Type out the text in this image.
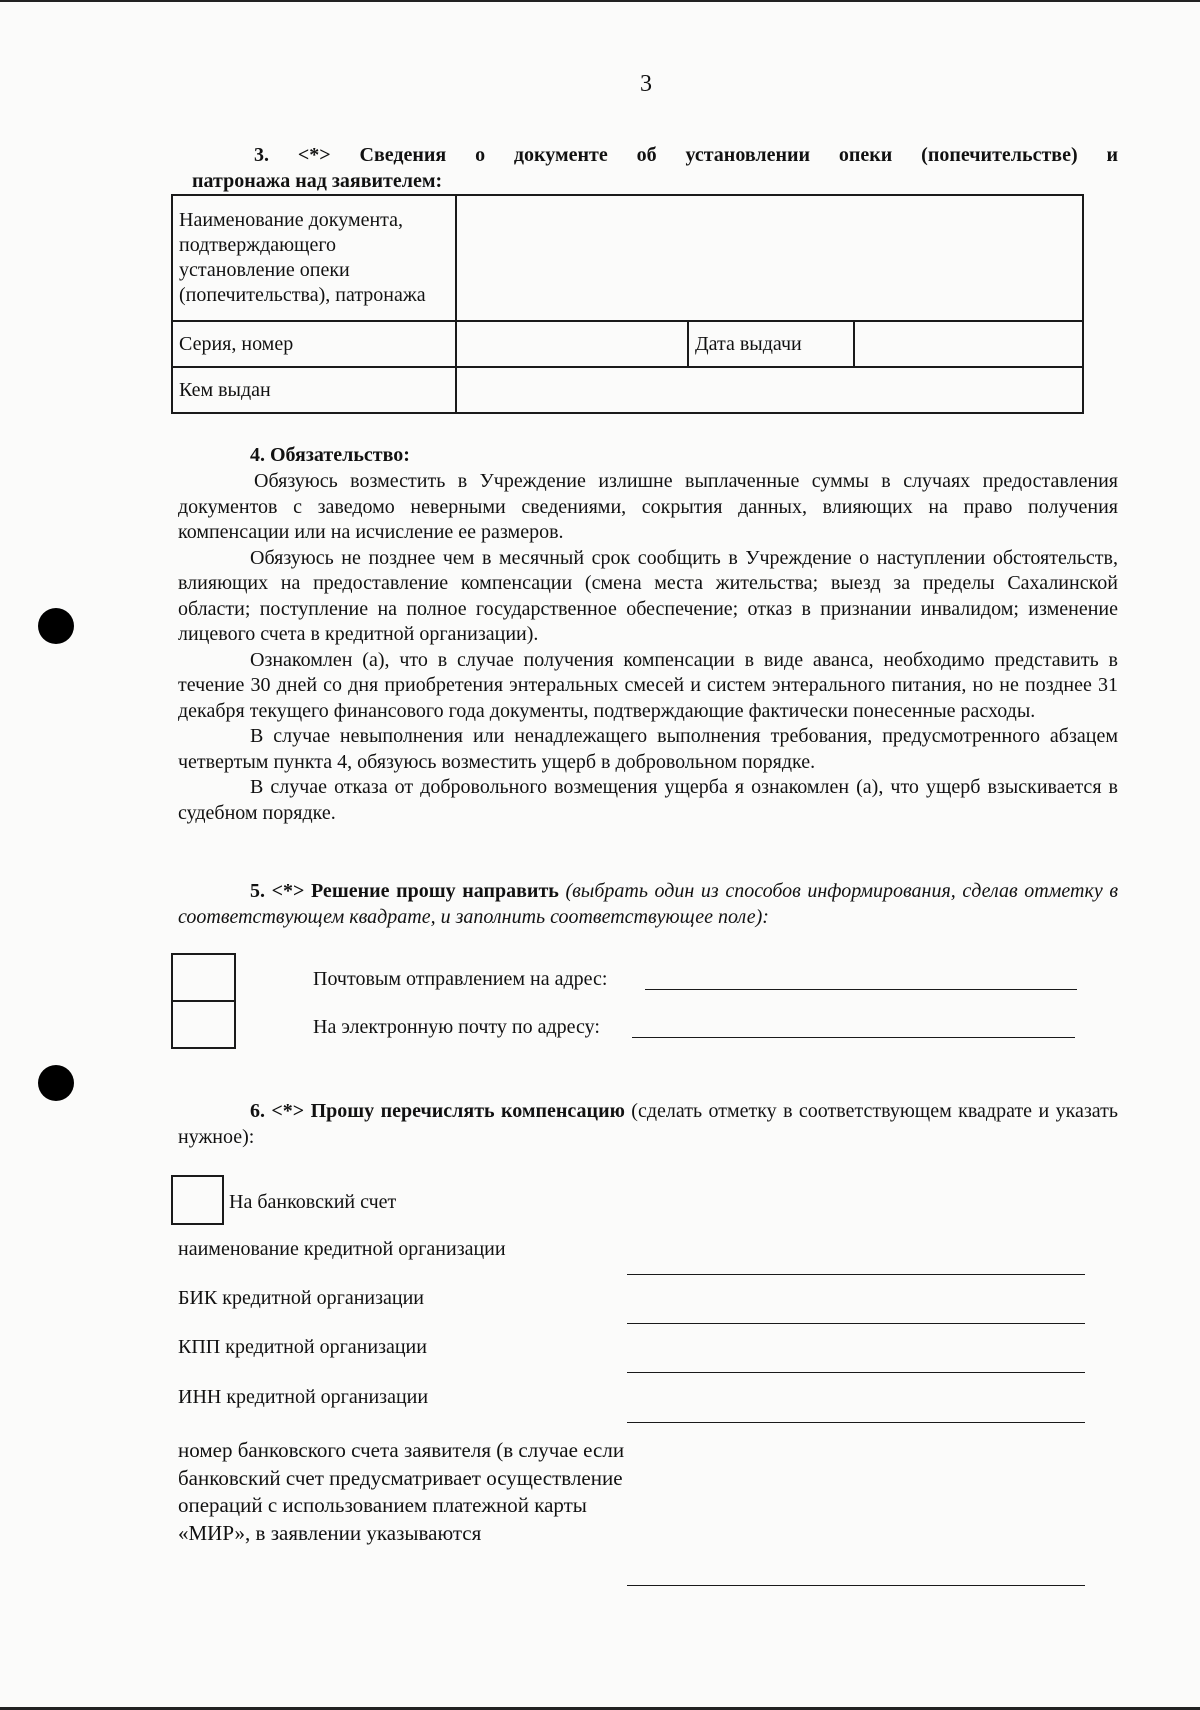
3
3. <*> Сведения о документе об установлении опеки (попечительстве) и
патронажа над заявителем:
Наименование документа, подтверждающего установление опеки (попечительства), патронажа			
Серия, номер		Дата выдачи	
Кем выдан			
4. Обязательство:
Обязуюсь возместить в Учреждение излишне выплаченные суммы в случаях предоставления документов с заведомо неверными сведениями, сокрытия данных, влияющих на право получения компенсации или на исчисление ее размеров.
Обязуюсь не позднее чем в месячный срок сообщить в Учреждение о наступлении обстоятельств, влияющих на предоставление компенсации (смена места жительства; выезд за пределы Сахалинской области; поступление на полное государственное обеспечение; отказ в признании инвалидом; изменение лицевого счета в кредитной организации).
Ознакомлен (а), что в случае получения компенсации в виде аванса, необходимо представить в течение 30 дней со дня приобретения энтеральных смесей и систем энтерального питания, но не позднее 31 декабря текущего финансового года документы, подтверждающие фактически понесенные расходы.
В случае невыполнения или ненадлежащего выполнения требования, предусмотренного абзацем четвертым пункта 4, обязуюсь возместить ущерб в добровольном порядке.
В случае отказа от добровольного возмещения ущерба я ознакомлен (а), что ущерб взыскивается в судебном порядке.
5. <*> Решение прошу направить (выбрать один из способов информирования, сделав отметку в соответствующем квадрате, и заполнить соответствующее поле):
Почтовым отправлением на адрес:
На электронную почту по адресу:
6. <*> Прошу перечислять компенсацию (сделать отметку в соответствующем квадрате и указать нужное):
На банковский счет
наименование кредитной организации
БИК кредитной организации
КПП кредитной организации
ИНН кредитной организации
номер банковского счета заявителя (в случае если банковский счет предусматривает осуществление операций с использованием платежной карты «МИР», в заявлении указываются
